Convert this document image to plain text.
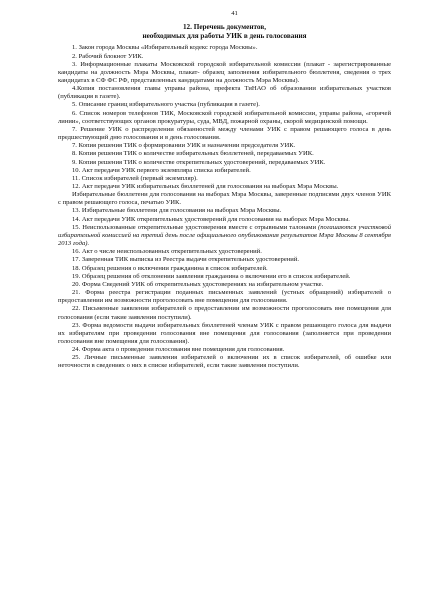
41
12. Перечень документов,
необходимых для работы УИК в день голосования

1. Закон города Москвы «Избирательный кодекс города Москвы».

2. Рабочий блокнот УИК.

3. Информационные плакаты Московской городской избирательной комиссии (плакат - зарегистрированные кандидаты на должность Мэра Москвы, плакат- образец заполнения избирательного бюллетеня, сведения о трех кандидатах в СФ ФС РФ, представленных кандидатами на должность Мэра Москвы).

4.Копия постановления главы управы района, префекта ТиНАО об образовании избирательных участков (публикация в газете).

5. Описание границ избирательного участка (публикация в газете).

6. Список номеров телефонов ТИК, Московской городской избирательной комиссии, управы района, «горячей линии», соответствующих органов прокуратуры, суда, МВД, пожарной охраны, скорой медицинской помощи.

7. Решение УИК о распределении обязанностей между членами УИК с правом решающего голоса в день предшествующий дню голосования и в день голосования.

7. Копия решения ТИК о формировании УИК и назначении председателя УИК.

8. Копия решения ТИК о количестве избирательных бюллетеней, передаваемых УИК.

9. Копия решения ТИК о количестве открепительных удостоверений, передаваемых УИК.

10. Акт передачи УИК первого экземпляра списка избирателей.

11. Список избирателей (первый экземпляр).

12. Акт передачи УИК избирательных бюллетеней для голосования на выборах Мэра Москвы.

Избирательные бюллетени для голосования на выборах Мэра Москвы, заверенные подписями двух членов УИК с правом решающего голоса, печатью УИК.

13. Избирательные бюллетени для голосования на выборах Мэра Москвы.

14. Акт передачи УИК открепительных удостоверений для голосования на выборах Мэра Москвы.

15. Неиспользованные открепительные удостоверения вместе с отрывными талонами (погашаются участковой избирательной комиссией на третий день после официального опубликования результатов Мэра Москвы 8 сентября 2013 года).

16. Акт о числе неиспользованных открепительных удостоверений.

17. Заверенная ТИК выписка из Реестра выдачи открепительных удостоверений.

18. Образец решения о включении гражданина в список избирателей.

19. Образец решения об отклонении заявления гражданина о включении его в список избирателей.

20. Форма Сведений УИК об открепительных удостоверениях на избирательном участке.

21. Форма реестра регистрации поданных письменных заявлений (устных обращений) избирателей о предоставлении им возможности проголосовать вне помещения для голосования.

22. Письменные заявления избирателей о предоставлении им возможности проголосовать вне помещения для голосования (если такие заявления поступили).

23. Форма ведомости выдачи избирательных бюллетеней членам УИК с правом решающего голоса для выдачи их избирателям при проведении голосования вне помещения для голосования (заполняется при проведении голосования вне помещения для голосования).

24. Форма акта о проведении голосования вне помещения для голосования.

25. Личные письменные заявления избирателей о включении их в список избирателей, об ошибке или неточности в сведениях о них в списке избирателей, если такие заявления поступили.
